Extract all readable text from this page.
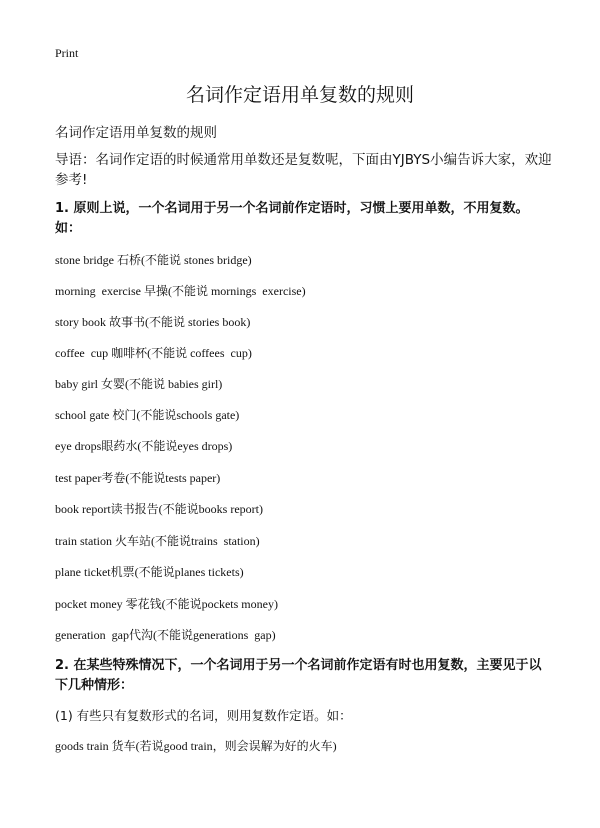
Print
名词作定语用单复数的规则
名词作定语用单复数的规则
导语：名词作定语的时候通常用单数还是复数呢，下面由YJBYS小编告诉大家，欢迎参考!
1. 原则上说，一个名词用于另一个名词前作定语时，习惯上要用单数，不用复数。如：
stone bridge 石桥(不能说 stones bridge)
morning  exercise 早操(不能说 mornings  exercise)
story book 故事书(不能说 stories book)
coffee  cup 咖啡杯(不能说 coffees  cup)
baby girl 女婴(不能说 babies girl)
school gate 校门(不能说schools gate)
eye drops眼药水(不能说eyes drops)
test paper考卷(不能说tests paper)
book report读书报告(不能说books report)
train station 火车站(不能说trains  station)
plane ticket机票(不能说planes tickets)
pocket money 零花钱(不能说pockets money)
generation  gap代沟(不能说generations  gap)
2. 在某些特殊情况下，一个名词用于另一个名词前作定语有时也用复数，主要见于以下几种情形：
(1) 有些只有复数形式的名词，则用复数作定语。如：
goods train 货车(若说good train，则会误解为好的火车)
